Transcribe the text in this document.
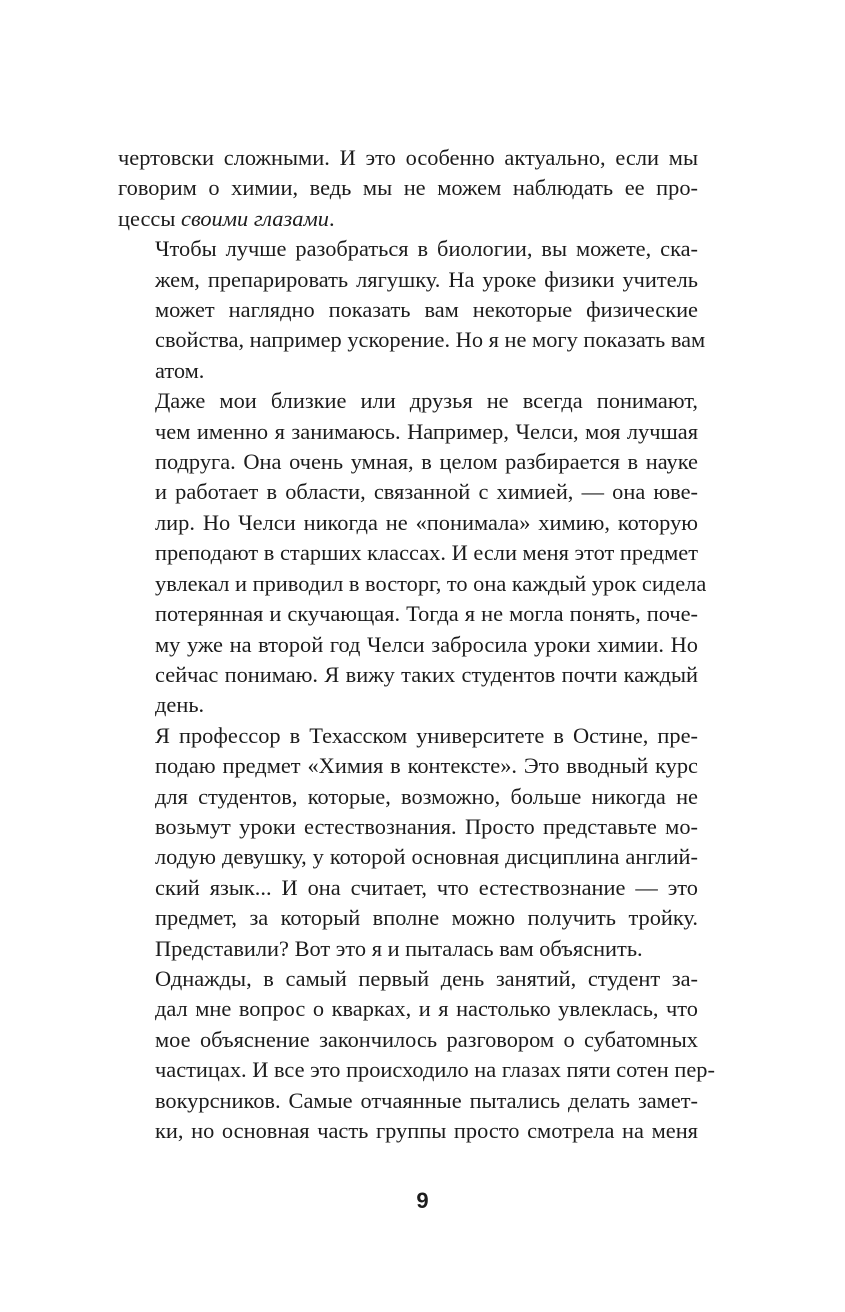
чертовски сложными. И это особенно актуально, если мы
говорим о химии, ведь мы не можем наблюдать ее про-
цессы своими глазами.

Чтобы лучше разобраться в биологии, вы можете, ска-
жем, препарировать лягушку. На уроке физики учитель
может наглядно показать вам некоторые физические
свойства, например ускорение. Но я не могу показать вам
атом.

Даже мои близкие или друзья не всегда понимают,
чем именно я занимаюсь. Например, Челси, моя лучшая
подруга. Она очень умная, в целом разбирается в науке
и работает в области, связанной с химией, — она юве-
лир. Но Челси никогда не «понимала» химию, которую
преподают в старших классах. И если меня этот предмет
увлекал и приводил в восторг, то она каждый урок сидела
потерянная и скучающая. Тогда я не могла понять, поче-
му уже на второй год Челси забросила уроки химии. Но
сейчас понимаю. Я вижу таких студентов почти каждый
день.

Я профессор в Техасском университете в Остине, пре-
подаю предмет «Химия в контексте». Это вводный курс
для студентов, которые, возможно, больше никогда не
возьмут уроки естествознания. Просто представьте мо-
лодую девушку, у которой основная дисциплина англий-
ский язык... И она считает, что естествознание — это
предмет, за который вполне можно получить тройку.
Представили? Вот это я и пыталась вам объяснить.

Однажды, в самый первый день занятий, студент за-
дал мне вопрос о кварках, и я настолько увлеклась, что
мое объяснение закончилось разговором о субатомных
частицах. И все это происходило на глазах пяти сотен пер-
вокурсников. Самые отчаянные пытались делать замет-
ки, но основная часть группы просто смотрела на меня

9
